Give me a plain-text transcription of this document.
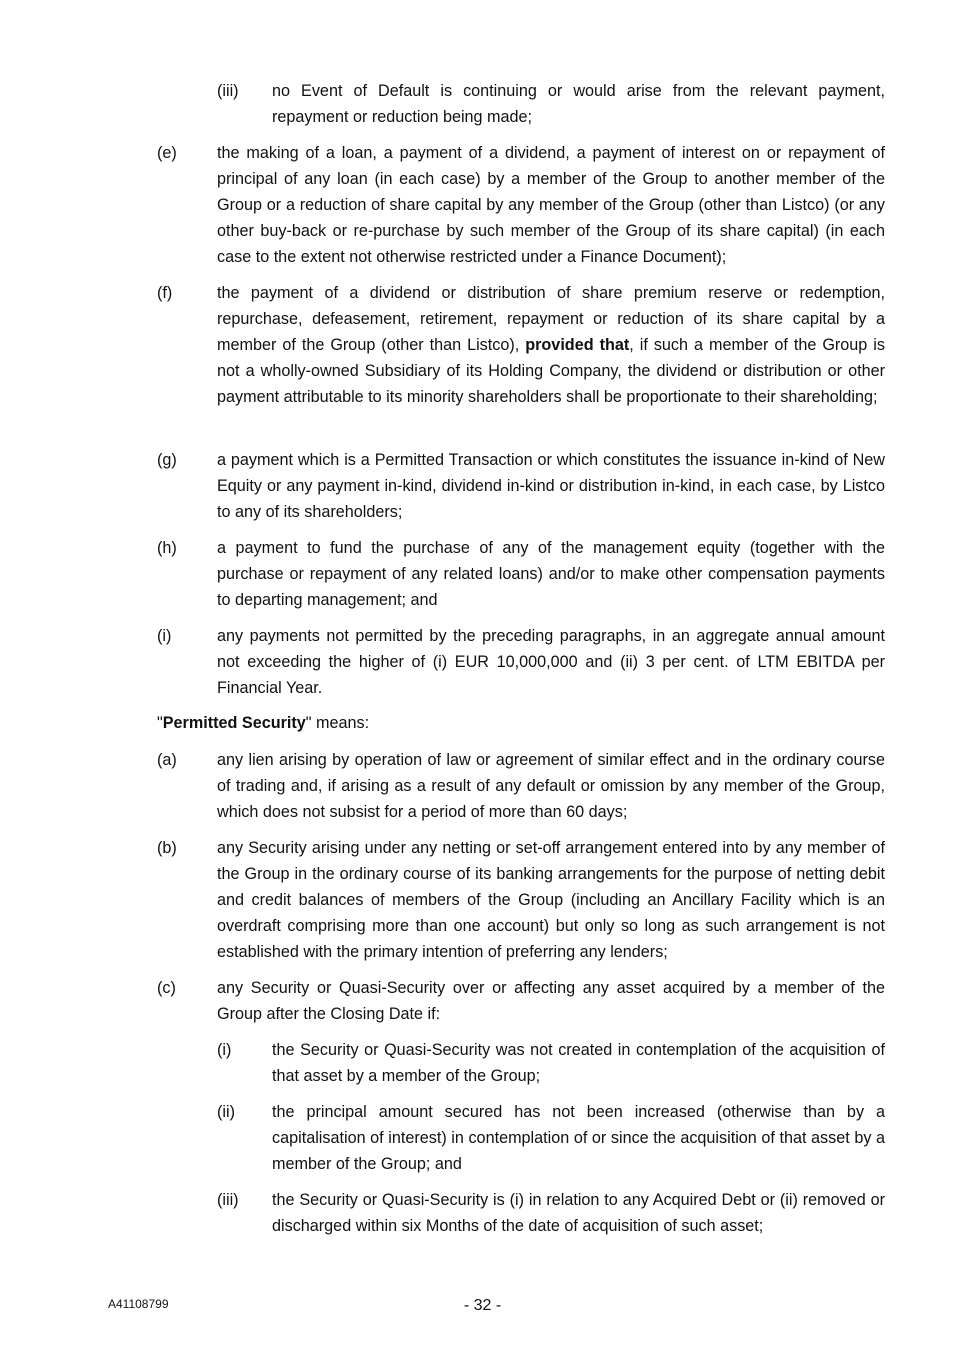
(iii) no Event of Default is continuing or would arise from the relevant payment, repayment or reduction being made;
(e) the making of a loan, a payment of a dividend, a payment of interest on or repayment of principal of any loan (in each case) by a member of the Group to another member of the Group or a reduction of share capital by any member of the Group (other than Listco) (or any other buy-back or re-purchase by such member of the Group of its share capital) (in each case to the extent not otherwise restricted under a Finance Document);
(f)	the payment of a dividend or distribution of share premium reserve or redemption, repurchase, defeasement, retirement, repayment or reduction of its share capital by a member of the Group (other than Listco), provided that, if such a member of the Group is not a wholly-owned Subsidiary of its Holding Company, the dividend or distribution or other payment attributable to its minority shareholders shall be proportionate to their shareholding;
(g) a payment which is a Permitted Transaction or which constitutes the issuance in-kind of New Equity or any payment in-kind, dividend in-kind or distribution in-kind, in each case, by Listco to any of its shareholders;
(h) a payment to fund the purchase of any of the management equity (together with the purchase or repayment of any related loans) and/or to make other compensation payments to departing management; and
(i)	any payments not permitted by the preceding paragraphs, in an aggregate annual amount not exceeding the higher of (i) EUR 10,000,000 and (ii) 3 per cent. of LTM EBITDA per Financial Year.
"Permitted Security" means:
(a) any lien arising by operation of law or agreement of similar effect and in the ordinary course of trading and, if arising as a result of any default or omission by any member of the Group, which does not subsist for a period of more than 60 days;
(b) any Security arising under any netting or set-off arrangement entered into by any member of the Group in the ordinary course of its banking arrangements for the purpose of netting debit and credit balances of members of the Group (including an Ancillary Facility which is an overdraft comprising more than one account) but only so long as such arrangement is not established with the primary intention of preferring any lenders;
(c)	any Security or Quasi-Security over or affecting any asset acquired by a member of the Group after the Closing Date if:
(i)	the Security or Quasi-Security was not created in contemplation of the acquisition of that asset by a member of the Group;
(ii) the principal amount secured has not been increased (otherwise than by a capitalisation of interest) in contemplation of or since the acquisition of that asset by a member of the Group; and
(iii) the Security or Quasi-Security is (i) in relation to any Acquired Debt or (ii) removed or discharged within six Months of the date of acquisition of such asset;
A41108799	- 32 -
